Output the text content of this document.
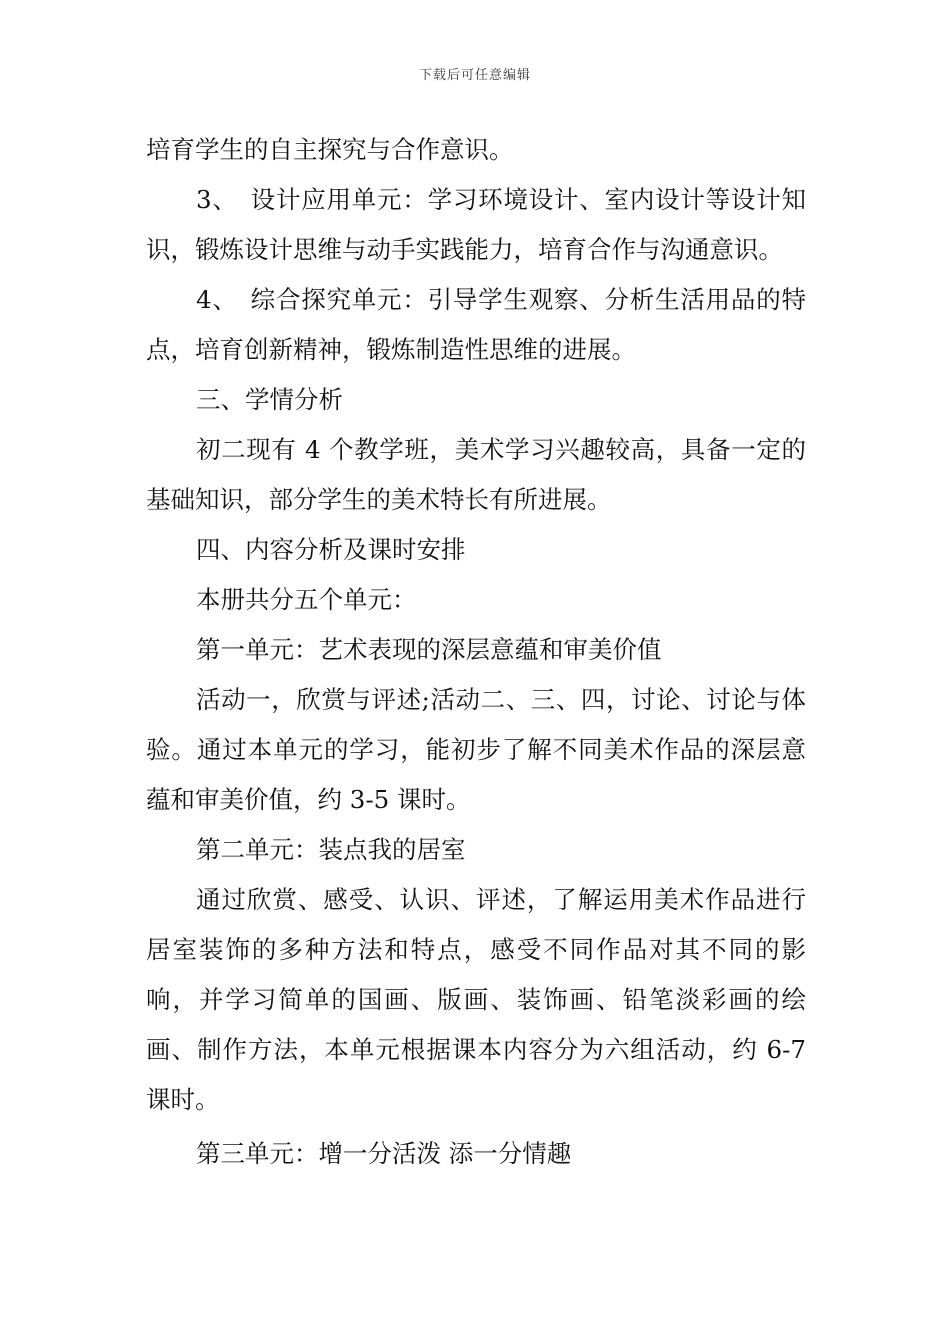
下载后可任意编辑

培育学生的自主探究与合作意识。

3、　设计应用单元：学习环境设计、室内设计等设计知识，锻炼设计思维与动手实践能力，培育合作与沟通意识。

4、　综合探究单元：引导学生观察、分析生活用品的特点，培育创新精神，锻炼制造性思维的进展。

三、学情分析

初二现有 4 个教学班，美术学习兴趣较高，具备一定的基础知识，部分学生的美术特长有所进展。

四、内容分析及课时安排

本册共分五个单元：

第一单元：艺术表现的深层意蕴和审美价值

活动一，欣赏与评述;活动二、三、四，讨论、讨论与体验。通过本单元的学习，能初步了解不同美术作品的深层意蕴和审美价值，约 3-5 课时。

第二单元：装点我的居室

通过欣赏、感受、认识、评述，了解运用美术作品进行居室装饰的多种方法和特点，感受不同作品对其不同的影响，并学习简单的国画、版画、装饰画、铅笔淡彩画的绘画、制作方法，本单元根据课本内容分为六组活动，约 6-7 课时。

第三单元：增一分活泼 添一分情趣
